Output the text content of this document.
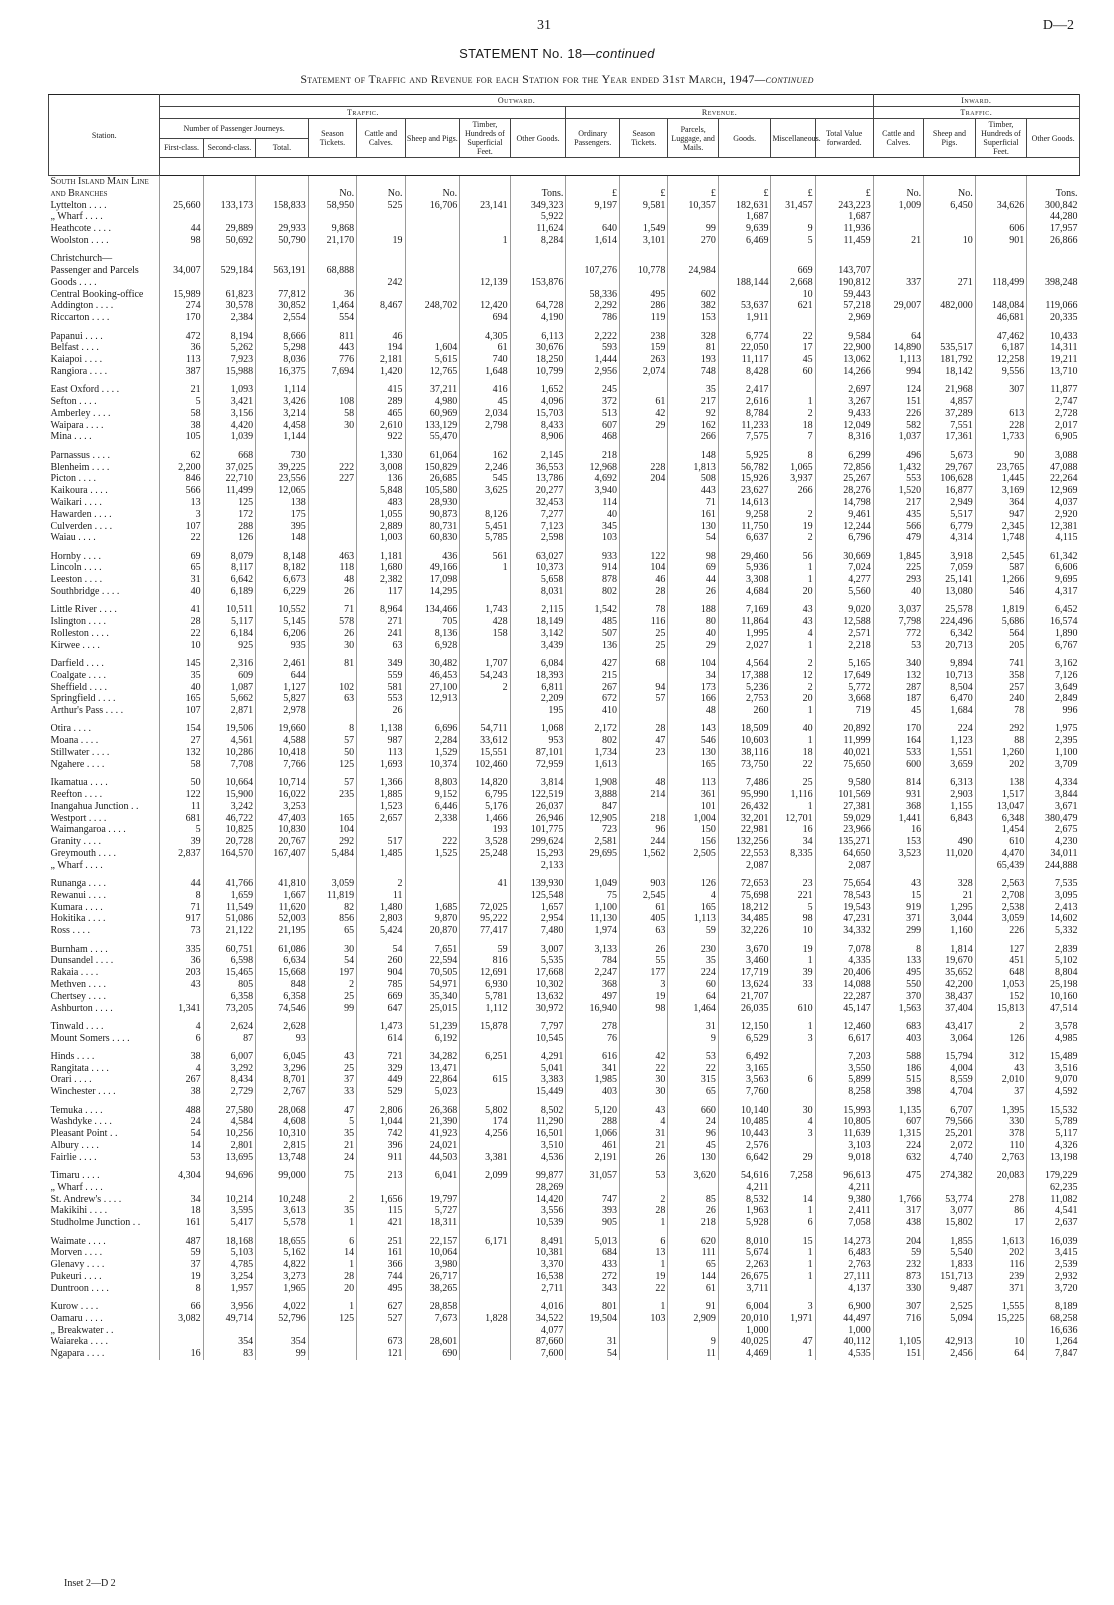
31	D—2
STATEMENT No. 18—continued
Statement of Traffic and Revenue for each Station for the Year ended 31st March, 1947—continued
Station.	Outward.														Inward.			
	Traffic.								Revenue.						Traffic.			
	Number of Passenger Journeys.			Season Tickets.	Cattle and Calves.	Sheep and Pigs.	Timber, Hundreds of Superficial Feet.	Other Goods.	Ordinary Passengers.	Season Tickets.	Parcels, Luggage, and Mails.	Goods.	Miscellaneous.	Total Value forwarded.	Cattle and Calves.	Sheep and Pigs.	Timber, Hundreds of Superficial Feet.	Other Goods.
	First-class.	Second-class.	Total.															

South Island Main Line																		
and Branches				No.	No.	No.		Tons.	£	£	£	£	£	£	No.	No.		Tons.
Lyttelton . . . .	25,660	133,173	158,833	58,950	525	16,706	23,141	349,323	9,197	9,581	10,357	182,631	31,457	243,223	1,009	6,450	34,626	300,842
„ Wharf . . . .								5,922				1,687		1,687				44,280
Heathcote . . . .	44	29,889	29,933	9,868				11,624	640	1,549	99	9,639	9	11,936			606	17,957
Woolston . . . .	98	50,692	50,790	21,170	19		1	8,284	1,614	3,101	270	6,469	5	11,459	21	10	901	26,866

Christchurch—																		
Passenger and Parcels	34,007	529,184	563,191	68,888					107,276	10,778	24,984		669	143,707				
Goods . . . .					242		12,139	153,876				188,144	2,668	190,812	337	271	118,499	398,248
Central Booking-office	15,989	61,823	77,812	36					58,336	495	602		10	59,443				
Addington . . . .	274	30,578	30,852	1,464	8,467	248,702	12,420	64,728	2,292	286	382	53,637	621	57,218	29,007	482,000	148,084	119,066
Riccarton . . . .	170	2,384	2,554	554			694	4,190	786	119	153	1,911		2,969			46,681	20,335

Papanui . . . .	472	8,194	8,666	811	46		4,305	6,113	2,222	238	328	6,774	22	9,584	64		47,462	10,433
Belfast . . . .	36	5,262	5,298	443	194	1,604	61	30,676	593	159	81	22,050	17	22,900	14,890	535,517	6,187	14,311
Kaiapoi . . . .	113	7,923	8,036	776	2,181	5,615	740	18,250	1,444	263	193	11,117	45	13,062	1,113	181,792	12,258	19,211
Rangiora . . . .	387	15,988	16,375	7,694	1,420	12,765	1,648	10,799	2,956	2,074	748	8,428	60	14,266	994	18,142	9,556	13,710

East Oxford . . . .	21	1,093	1,114		415	37,211	416	1,652	245		35	2,417		2,697	124	21,968	307	11,877
Sefton . . . .	5	3,421	3,426	108	289	4,980	45	4,096	372	61	217	2,616	1	3,267	151	4,857		2,747
Amberley . . . .	58	3,156	3,214	58	465	60,969	2,034	15,703	513	42	92	8,784	2	9,433	226	37,289	613	2,728
Waipara . . . .	38	4,420	4,458	30	2,610	133,129	2,798	8,433	607	29	162	11,233	18	12,049	582	7,551	228	2,017
Mina . . . .	105	1,039	1,144		922	55,470		8,906	468		266	7,575	7	8,316	1,037	17,361	1,733	6,905

Parnassus . . . .	62	668	730		1,330	61,064	162	2,145	218		148	5,925	8	6,299	496	5,673	90	3,088
Blenheim . . . .	2,200	37,025	39,225	222	3,008	150,829	2,246	36,553	12,968	228	1,813	56,782	1,065	72,856	1,432	29,767	23,765	47,088
Picton . . . .	846	22,710	23,556	227	136	26,685	545	13,786	4,692	204	508	15,926	3,937	25,267	553	106,628	1,445	22,264
Kaikoura . . . .	566	11,499	12,065		5,848	105,580	3,625	20,277	3,940		443	23,627	266	28,276	1,520	16,877	3,169	12,969
Waikari . . . .	13	125	138		483	28,930		32,453	114		71	14,613		14,798	217	2,949	364	4,037
Hawarden . . . .	3	172	175		1,055	90,873	8,126	7,277	40		161	9,258	2	9,461	435	5,517	947	2,920
Culverden . . . .	107	288	395		2,889	80,731	5,451	7,123	345		130	11,750	19	12,244	566	6,779	2,345	12,381
Waiau . . . .	22	126	148		1,003	60,830	5,785	2,598	103		54	6,637	2	6,796	479	4,314	1,748	4,115

Hornby . . . .	69	8,079	8,148	463	1,181	436	561	63,027	933	122	98	29,460	56	30,669	1,845	3,918	2,545	61,342
Lincoln . . . .	65	8,117	8,182	118	1,680	49,166	1	10,373	914	104	69	5,936	1	7,024	225	7,059	587	6,606
Leeston . . . .	31	6,642	6,673	48	2,382	17,098		5,658	878	46	44	3,308	1	4,277	293	25,141	1,266	9,695
Southbridge . . . .	40	6,189	6,229	26	117	14,295		8,031	802	28	26	4,684	20	5,560	40	13,080	546	4,317

Little River . . . .	41	10,511	10,552	71	8,964	134,466	1,743	2,115	1,542	78	188	7,169	43	9,020	3,037	25,578	1,819	6,452
Islington . . . .	28	5,117	5,145	578	271	705	428	18,149	485	116	80	11,864	43	12,588	7,798	224,496	5,686	16,574
Rolleston . . . .	22	6,184	6,206	26	241	8,136	158	3,142	507	25	40	1,995	4	2,571	772	6,342	564	1,890
Kirwee . . . .	10	925	935	30	63	6,928		3,439	136	25	29	2,027	1	2,218	53	20,713	205	6,767

Darfield . . . .	145	2,316	2,461	81	349	30,482	1,707	6,084	427	68	104	4,564	2	5,165	340	9,894	741	3,162
Coalgate . . . .	35	609	644		559	46,453	54,243	18,393	215		34	17,388	12	17,649	132	10,713	358	7,126
Sheffield . . . .	40	1,087	1,127	102	581	27,100	2	6,811	267	94	173	5,236	2	5,772	287	8,504	257	3,649
Springfield . . . .	165	5,662	5,827	63	553	12,913		2,209	672	57	166	2,753	20	3,668	187	6,470	240	2,849
Arthur's Pass . . . .	107	2,871	2,978		26			195	410		48	260	1	719	45	1,684	78	996

Otira . . . .	154	19,506	19,660	8	1,138	6,696	54,711	1,068	2,172	28	143	18,509	40	20,892	170	224	292	1,975
Moana . . . .	27	4,561	4,588	57	987	2,284	33,612	953	802	47	546	10,603	1	11,999	164	1,123	88	2,395
Stillwater . . . .	132	10,286	10,418	50	113	1,529	15,551	87,101	1,734	23	130	38,116	18	40,021	533	1,551	1,260	1,100
Ngahere . . . .	58	7,708	7,766	125	1,693	10,374	102,460	72,959	1,613		165	73,750	22	75,650	600	3,659	202	3,709

Ikamatua . . . .	50	10,664	10,714	57	1,366	8,803	14,820	3,814	1,908	48	113	7,486	25	9,580	814	6,313	138	4,334
Reefton . . . .	122	15,900	16,022	235	1,885	9,152	6,795	122,519	3,888	214	361	95,990	1,116	101,569	931	2,903	1,517	3,844
Inangahua Junction . .	11	3,242	3,253		1,523	6,446	5,176	26,037	847		101	26,432	1	27,381	368	1,155	13,047	3,671
Westport . . . .	681	46,722	47,403	165	2,657	2,338	1,466	26,946	12,905	218	1,004	32,201	12,701	59,029	1,441	6,843	6,348	380,479
Waimangaroa . . . .	5	10,825	10,830	104			193	101,775	723	96	150	22,981	16	23,966	16		1,454	2,675
Granity . . . .	39	20,728	20,767	292	517	222	3,528	299,624	2,581	244	156	132,256	34	135,271	153	490	610	4,230
Greymouth . . . .	2,837	164,570	167,407	5,484	1,485	1,525	25,248	15,293	29,695	1,562	2,505	22,553	8,335	64,650	3,523	11,020	4,470	34,011
„ Wharf . . . .								2,133				2,087		2,087			65,439	244,888

Runanga . . . .	44	41,766	41,810	3,059	2		41	139,930	1,049	903	126	72,653	23	75,654	43	328	2,563	7,535
Rewanui . . . .	8	1,659	1,667	11,819	11			125,548	75	2,545	4	75,698	221	78,543	15	21	2,708	3,095
Kumara . . . .	71	11,549	11,620	82	1,480	1,685	72,025	1,657	1,100	61	165	18,212	5	19,543	919	1,295	2,538	2,413
Hokitika . . . .	917	51,086	52,003	856	2,803	9,870	95,222	2,954	11,130	405	1,113	34,485	98	47,231	371	3,044	3,059	14,602
Ross . . . .	73	21,122	21,195	65	5,424	20,870	77,417	7,480	1,974	63	59	32,226	10	34,332	299	1,160	226	5,332

Burnham . . . .	335	60,751	61,086	30	54	7,651	59	3,007	3,133	26	230	3,670	19	7,078	8	1,814	127	2,839
Dunsandel . . . .	36	6,598	6,634	54	260	22,594	816	5,535	784	55	35	3,460	1	4,335	133	19,670	451	5,102
Rakaia . . . .	203	15,465	15,668	197	904	70,505	12,691	17,668	2,247	177	224	17,719	39	20,406	495	35,652	648	8,804
Methven . . . .	43	805	848	2	785	54,971	6,930	10,302	368	3	60	13,624	33	14,088	550	42,200	1,053	25,198
Chertsey . . . .		6,358	6,358	25	669	35,340	5,781	13,632	497	19	64	21,707		22,287	370	38,437	152	10,160
Ashburton . . . .	1,341	73,205	74,546	99	647	25,015	1,112	30,972	16,940	98	1,464	26,035	610	45,147	1,563	37,404	15,813	47,514

Tinwald . . . .	4	2,624	2,628		1,473	51,239	15,878	7,797	278		31	12,150	1	12,460	683	43,417	2	3,578
Mount Somers . . . .	6	87	93		614	6,192		10,545	76		9	6,529	3	6,617	403	3,064	126	4,985

Hinds . . . .	38	6,007	6,045	43	721	34,282	6,251	4,291	616	42	53	6,492		7,203	588	15,794	312	15,489
Rangitata . . . .	4	3,292	3,296	25	329	13,471		5,041	341	22	22	3,165		3,550	186	4,004	43	3,516
Orari . . . .	267	8,434	8,701	37	449	22,864	615	3,383	1,985	30	315	3,563	6	5,899	515	8,559	2,010	9,070
Winchester . . . .	38	2,729	2,767	33	529	5,023		15,449	403	30	65	7,760		8,258	398	4,704	37	4,592

Temuka . . . .	488	27,580	28,068	47	2,806	26,368	5,802	8,502	5,120	43	660	10,140	30	15,993	1,135	6,707	1,395	15,532
Washdyke . . . .	24	4,584	4,608	5	1,044	21,390	174	11,290	288	4	24	10,485	4	10,805	607	79,566	330	5,789
Pleasant Point . .	54	10,256	10,310	35	742	41,923	4,256	16,501	1,066	31	96	10,443	3	11,639	1,315	25,201	378	5,117
Albury . . . .	14	2,801	2,815	21	396	24,021		3,510	461	21	45	2,576		3,103	224	2,072	110	4,326
Fairlie . . . .	53	13,695	13,748	24	911	44,503	3,381	4,536	2,191	26	130	6,642	29	9,018	632	4,740	2,763	13,198

Timaru . . . .	4,304	94,696	99,000	75	213	6,041	2,099	99,877	31,057	53	3,620	54,616	7,258	96,613	475	274,382	20,083	179,229
„ Wharf . . . .								28,269				4,211		4,211				62,235
St. Andrew's . . . .	34	10,214	10,248	2	1,656	19,797		14,420	747	2	85	8,532	14	9,380	1,766	53,774	278	11,082
Makikihi . . . .	18	3,595	3,613	35	115	5,727		3,556	393	28	26	1,963	1	2,411	317	3,077	86	4,541
Studholme Junction . .	161	5,417	5,578	1	421	18,311		10,539	905	1	218	5,928	6	7,058	438	15,802	17	2,637

Waimate . . . .	487	18,168	18,655	6	251	22,157	6,171	8,491	5,013	6	620	8,010	15	14,273	204	1,855	1,613	16,039
Morven . . . .	59	5,103	5,162	14	161	10,064		10,381	684	13	111	5,674	1	6,483	59	5,540	202	3,415
Glenavy . . . .	37	4,785	4,822	1	366	3,980		3,370	433	1	65	2,263	1	2,763	232	1,833	116	2,539
Pukeuri . . . .	19	3,254	3,273	28	744	26,717		16,538	272	19	144	26,675	1	27,111	873	151,713	239	2,932
Duntroon . . . .	8	1,957	1,965	20	495	38,265		2,711	343	22	61	3,711		4,137	330	9,487	371	3,720

Kurow . . . .	66	3,956	4,022	1	627	28,858		4,016	801	1	91	6,004	3	6,900	307	2,525	1,555	8,189
Oamaru . . . .	3,082	49,714	52,796	125	527	7,673	1,828	34,522	19,504	103	2,909	20,010	1,971	44,497	716	5,094	15,225	68,258
„ Breakwater . .								4,077				1,000		1,000				16,636
Waiareka . . . .		354	354		673	28,601		87,660	31		9	40,025	47	40,112	1,105	42,913	10	1,264
Ngapara . . . .	16	83	99		121	690		7,600	54		11	4,469	1	4,535	151	2,456	64	7,847
Inset 2—D 2
